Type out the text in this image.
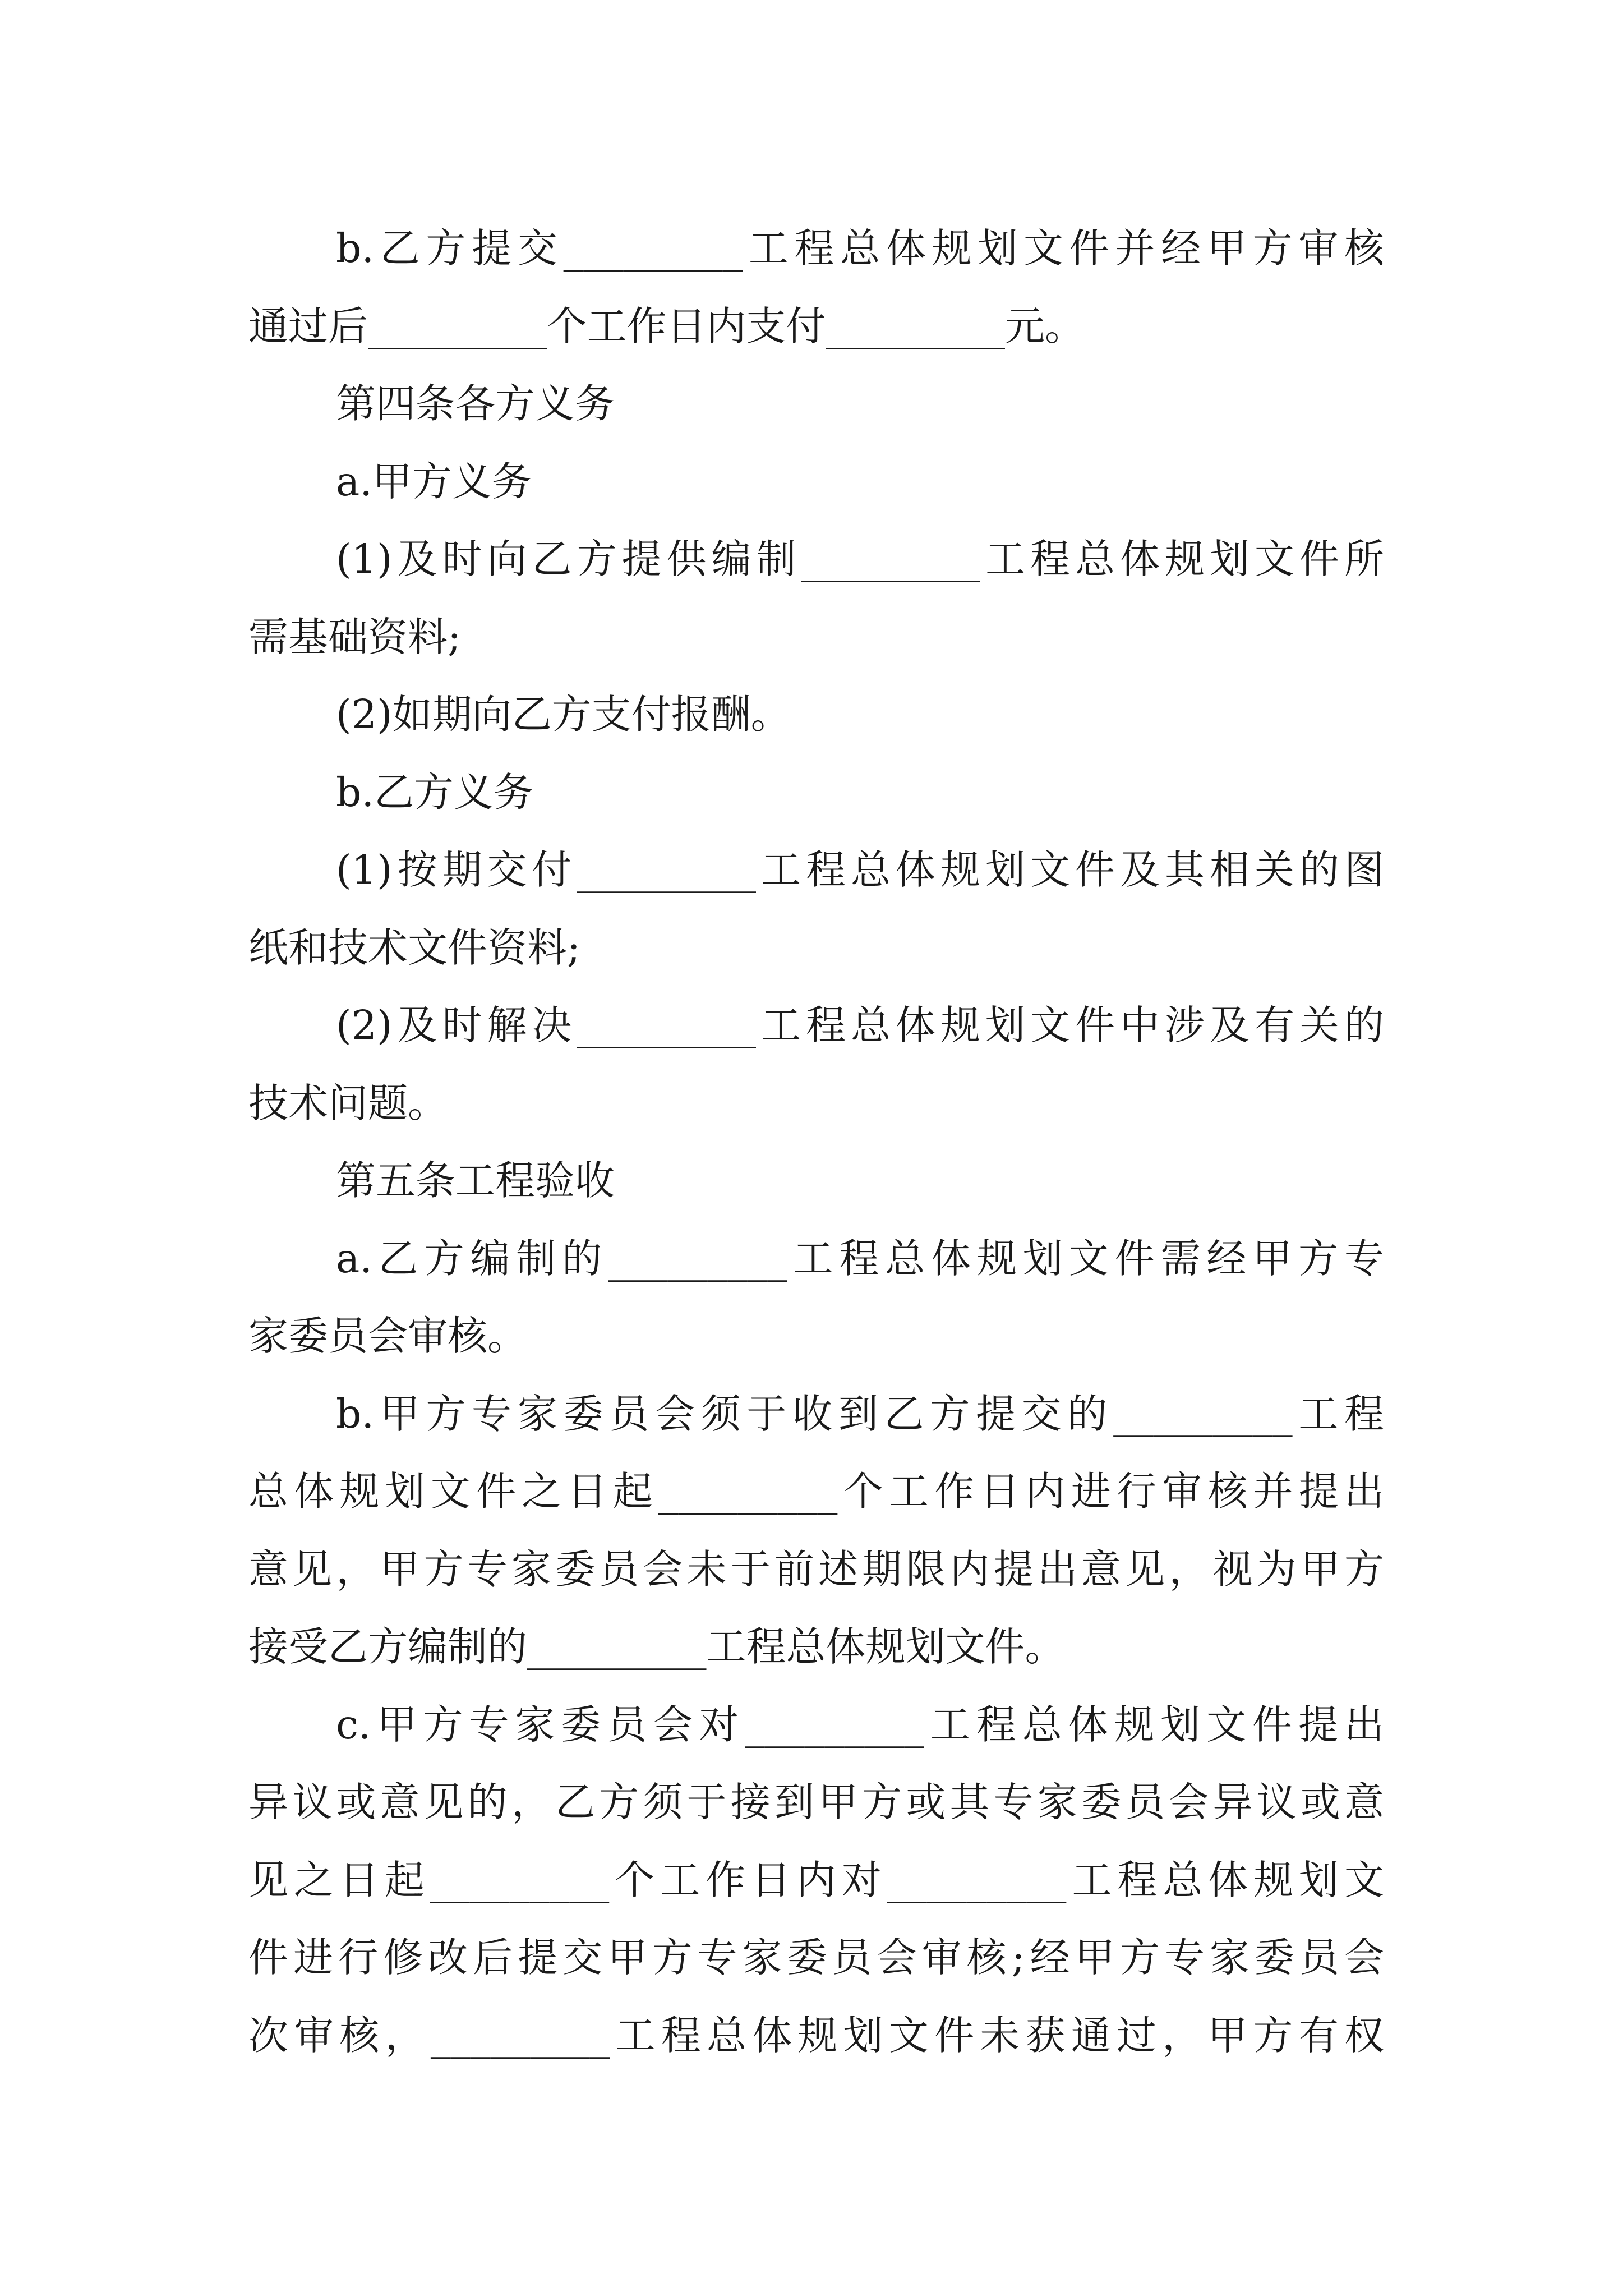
b.乙方提交_________工程总体规划文件并经甲方审核
通过后_________个工作日内支付_________元。
第四条各方义务
a.甲方义务
(1)及时向乙方提供编制_________工程总体规划文件所
需基础资料;
(2)如期向乙方支付报酬。
b.乙方义务
(1)按期交付_________工程总体规划文件及其相关的图
纸和技术文件资料;
(2)及时解决_________工程总体规划文件中涉及有关的
技术问题。
第五条工程验收
a.乙方编制的_________工程总体规划文件需经甲方专
家委员会审核。
b.甲方专家委员会须于收到乙方提交的_________工程
总体规划文件之日起_________个工作日内进行审核并提出
意见，甲方专家委员会未于前述期限内提出意见，视为甲方
接受乙方编制的_________工程总体规划文件。
c.甲方专家委员会对_________工程总体规划文件提出
异议或意见的，乙方须于接到甲方或其专家委员会异议或意
见之日起_________个工作日内对_________工程总体规划文
件进行修改后提交甲方专家委员会审核;经甲方专家委员会
次审核，_________工程总体规划文件未获通过，甲方有权
